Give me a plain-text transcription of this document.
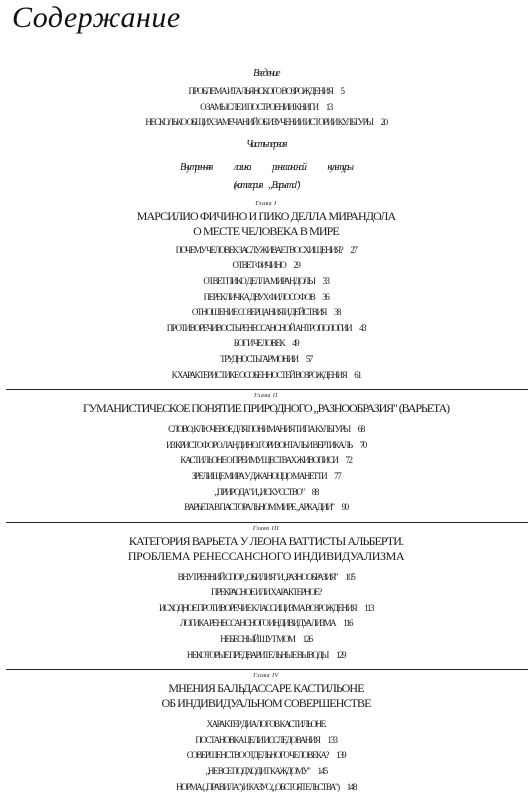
Содержание
Введение
ПРОБЛЕМА ИТАЛЬЯНСКОГО ВОЗРОЖДЕНИЯ 5
О ЗАМЫСЛЕ И ПОСТРОЕНИИ КНИГИ 13
НЕСКОЛЬКО ОБЩИХ ЗАМЕЧАНИЙ ОБ ИЗУЧЕНИИ ИСТОРИИ КУЛЬТУРЫ 20
Часть первая
Внутренняя логика ренессансной культуры
(категория „Варьета")
Глава I
МАРСИЛИО ФИЧИНО И ПИКО ДЕЛЛА МИРАНДОЛА
О МЕСТЕ ЧЕЛОВЕКА В МИРЕ
ПОЧЕМУ ЧЕЛОВЕК ЗАСЛУЖИВАЕТ ВОСХИЩЕНИЯ? 27
ОТВЕТ ФИЧИНО 29
ОТВЕТ ПИКО ДЕЛЛА МИРАНДОЛЫ 33
ПЕРЕКЛИЧКА ДВУХ ФИЛОСОФОВ 36
ОТНОШЕНИЕ СОЗЕРЦАНИЯ И ДЕЙСТВИЯ 38
ПРОТИВОРЕЧИВОСТЬ РЕНЕССАНСНОЙ АНТРОПОЛОГИИ 43
БОГ И ЧЕЛОВЕК 49
ТРУДНОСТЬ ГАРМОНИИ 57
К ХАРАКТЕРИСТИКЕ ОСОБЕННОСТЕЙ ВОЗРОЖДЕНИЯ 61
Глава II
ГУМАНИСТИЧЕСКОЕ ПОНЯТИЕ ПРИРОДНОГО „РАЗНООБРАЗИЯ" (ВАРЬЕТА)
СЛОВО, КЛЮЧЕВОЕ ДЛЯ ПОНИМАНИЯ ТИПА КУЛЬТУРЫ 68
ИЗ КРИСТОФОРО ЛАНДИНО. ГОРИЗОНТАЛЬ И ВЕРТИКАЛЬ 70
КАСТИЛЬОНЕ О ПРЕИМУЩЕСТВАХ ЖИВОПИСИ 72
ЗРЕЛИЩЕ МИРА У ДЖАНОЦЦО МАНЕТТИ 77
„ПРИРОДА" И „ИСКУССТВО" 88
ВАРЬЕТА В ПАСТОРАЛЬНОМ МИРЕ „АРКАДИИ" 90
Глава III
КАТЕГОРИЯ ВАРЬЕТА У ЛЕОНА ВАТТИСТЫ АЛЬБЕРТИ.
ПРОБЛЕМА РЕНЕССАНСНОГО ИНДИВИДУАЛИЗМА
ВНУТРЕННИЙ СПОР „ОБИЛИЯ" И „РАЗНООБРАЗИЯ" 105
ПРЕКРАСНОЕ ИЛИ ХАРАКТЕРНОЕ?
ИСХОДНОЕ ПРОТИВОРЕЧИЕ КЛАССИЦИЗМА ВОЗРОЖДЕНИЯ 113
ЛОГИКА РЕНЕССАНСНОГО ИНДИВИДУАЛИЗМА 116
НЕБЕСНЫЙ ШУТ МОМ 126
НЕКОТОРЫЕ ПРЕДВАРИТЕЛЬНЫЕ ВЫВОДЫ 129
Глава IV
МНЕНИЯ БАЛЬДАССАРЕ КАСТИЛЬОНЕ
ОБ ИНДИВИДУАЛЬНОМ СОВЕРШЕНСТВЕ
ХАРАКТЕР ДИАЛОГОВ КАСТИЛЬОНЕ.
ПОСТАНОВКА ЦЕЛИ ИССЛЕДОВАНИЯ 133
СОВЕРШЕНСТВО ОТДЕЛЬНОГО ЧЕЛОВЕКА? 139
„НЕ ВСЕ ПОДХОДИТ КАЖДОМУ" 145
НОРМА („ПРАВИЛА") И КАЗУС („ОБСТОЯТЕЛЬСТВА") 148
